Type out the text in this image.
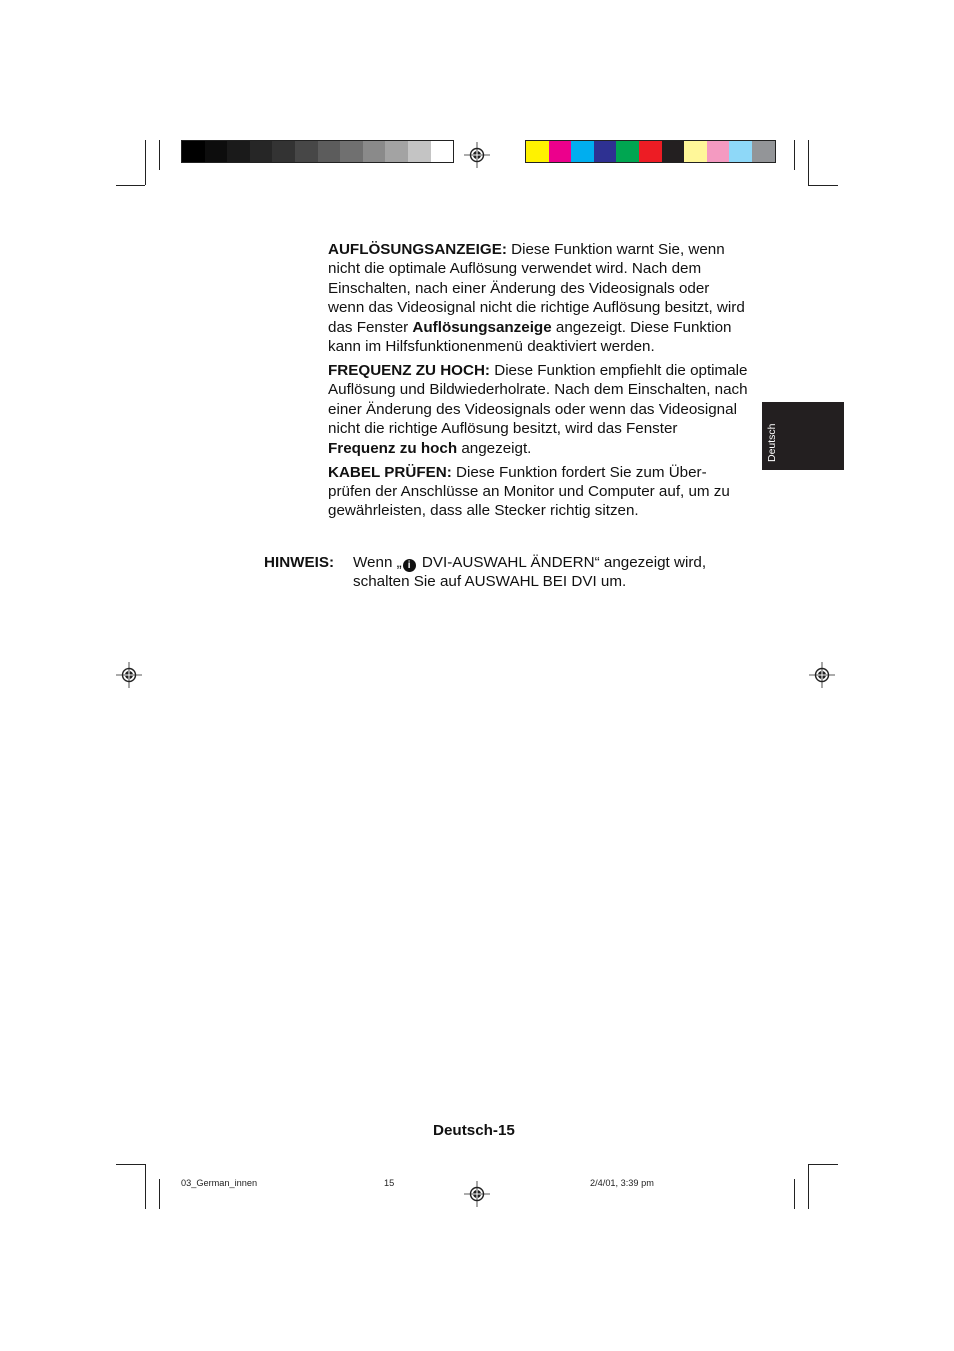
AUFLÖSUNGSANZEIGE: Diese Funktion warnt Sie, wenn nicht die optimale Auflösung verwendet wird. Nach dem Einschalten, nach einer Änderung des Videosignals oder wenn das Videosignal nicht die richtige Auflösung besitzt, wird das Fenster Auflösungsanzeige angezeigt. Diese Funktion kann im Hilfsfunktionenmenü deaktiviert werden.

FREQUENZ ZU HOCH: Diese Funktion empfiehlt die optimale Auflösung und Bildwiederholrate. Nach dem Einschalten, nach einer Änderung des Videosignals oder wenn das Videosignal nicht die richtige Auflösung besitzt, wird das Fenster Frequenz zu hoch angezeigt.

KABEL PRÜFEN: Diese Funktion fordert Sie zum Über-prüfen der Anschlüsse an Monitor und Computer auf, um zu gewährleisten, dass alle Stecker richtig sitzen.

HINWEIS: Wenn „ i DVI-AUSWAHL ÄNDERN“ angezeigt wird, schalten Sie auf AUSWAHL BEI DVI um.
Deutsch
Deutsch-15
03_German_innen	15	2/4/01, 3:39 pm
